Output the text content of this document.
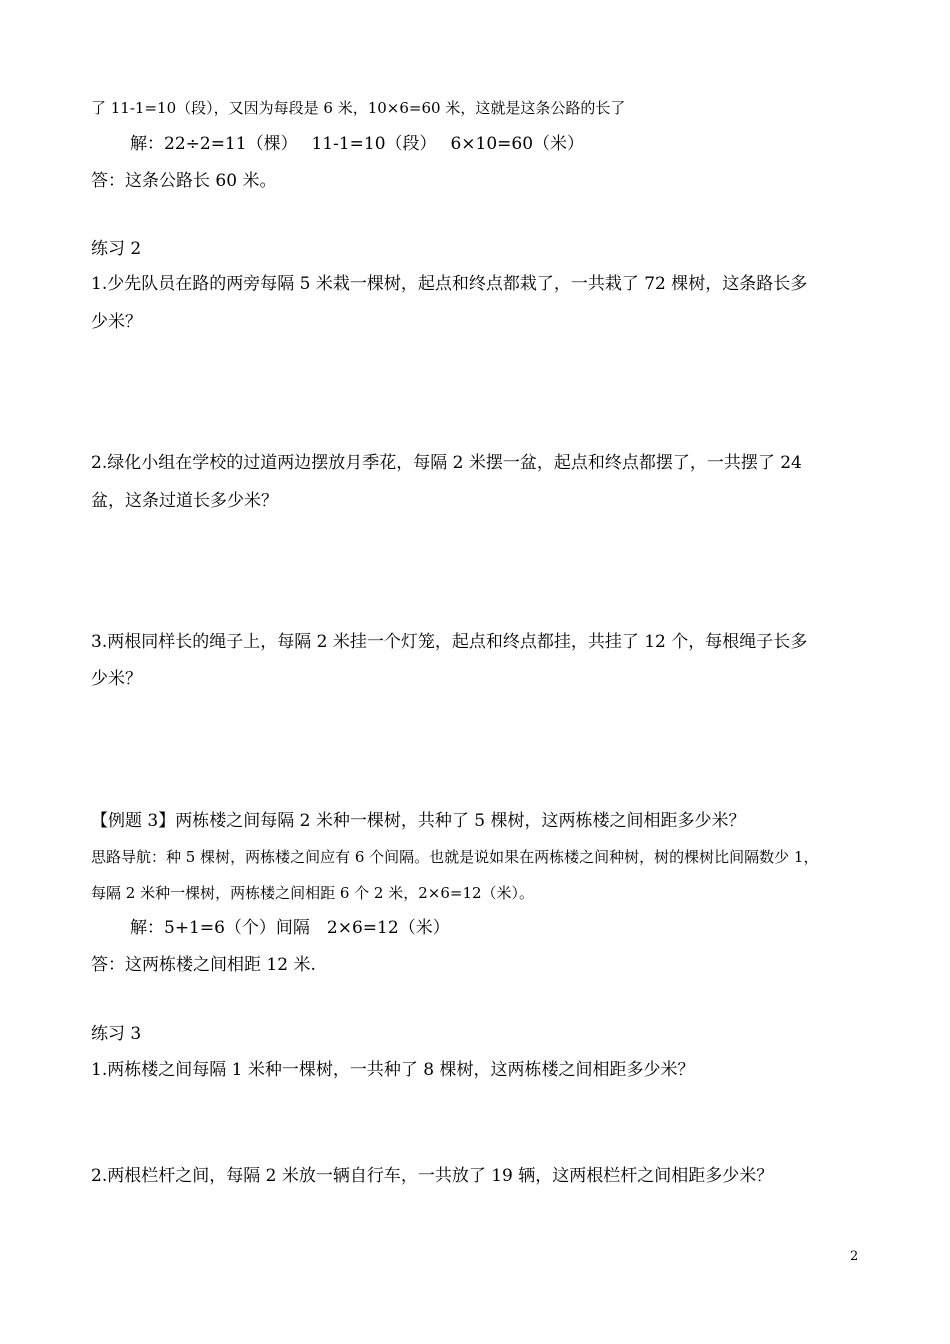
了 11-1=10（段），又因为每段是 6 米，10×6=60 米，这就是这条公路的长了
解：22÷2=11（棵）　 11-1=10（段）　 6×10=60（米）
答：这条公路长 60 米。
练习 2
1.少先队员在路的两旁每隔 5 米栽一棵树，起点和终点都栽了，一共栽了 72 棵树，这条路长多
少米？
2.绿化小组在学校的过道两边摆放月季花，每隔 2 米摆一盆，起点和终点都摆了，一共摆了 24
盆，这条过道长多少米？
3.两根同样长的绳子上，每隔 2 米挂一个灯笼，起点和终点都挂，共挂了 12 个，每根绳子长多
少米？
【例题 3】两栋楼之间每隔 2 米种一棵树，共种了 5 棵树，这两栋楼之间相距多少米？
思路导航：种 5 棵树，两栋楼之间应有 6 个间隔。也就是说如果在两栋楼之间种树，树的棵树比间隔数少 1，
每隔 2 米种一棵树，两栋楼之间相距 6 个 2 米，2×6=12（米）。
解：5+1=6（个）间隔　2×6=12（米）
答：这两栋楼之间相距 12 米.
练习 3
1.两栋楼之间每隔 1 米种一棵树，一共种了 8 棵树，这两栋楼之间相距多少米？
2.两根栏杆之间，每隔 2 米放一辆自行车，一共放了 19 辆，这两根栏杆之间相距多少米？
2
